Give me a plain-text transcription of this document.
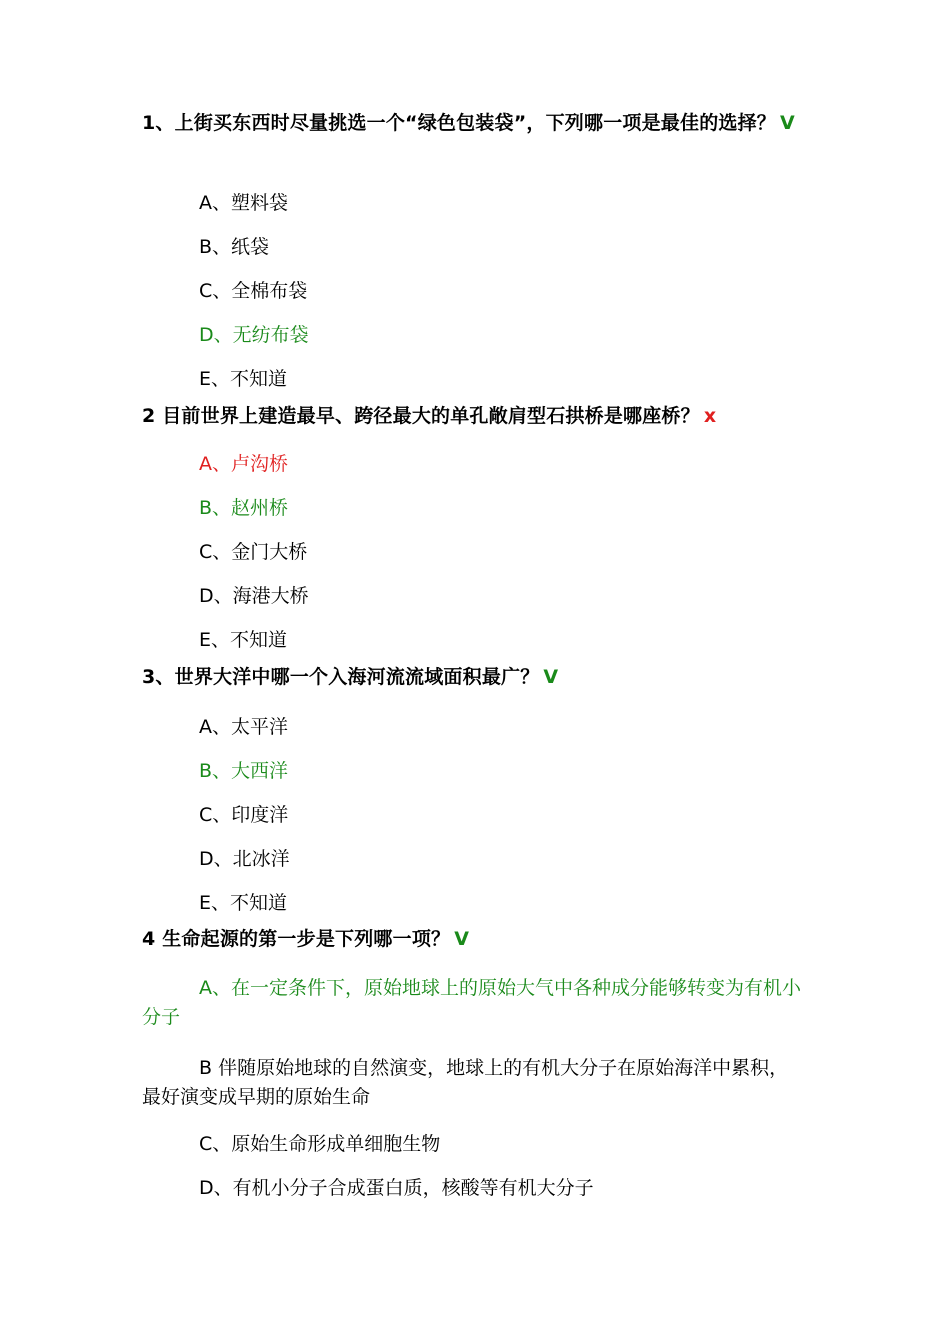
1、上街买东西时尽量挑选一个“绿色包装袋”，下列哪一项是最佳的选择？ V

A、塑料袋

B、纸袋

C、全棉布袋

D、无纺布袋

E、不知道

2 目前世界上建造最早、跨径最大的单孔敞肩型石拱桥是哪座桥？ x

A、卢沟桥

B、赵州桥

C、金门大桥

D、海港大桥

E、不知道

3、世界大洋中哪一个入海河流流域面积最广？ V

A、太平洋

B、大西洋

C、印度洋

D、北冰洋

E、不知道

4 生命起源的第一步是下列哪一项？ V

A、在一定条件下，原始地球上的原始大气中各种成分能够转变为有机小分子

B 伴随原始地球的自然演变，地球上的有机大分子在原始海洋中累积，最好演变成早期的原始生命

C、原始生命形成单细胞生物

D、有机小分子合成蛋白质，核酸等有机大分子
